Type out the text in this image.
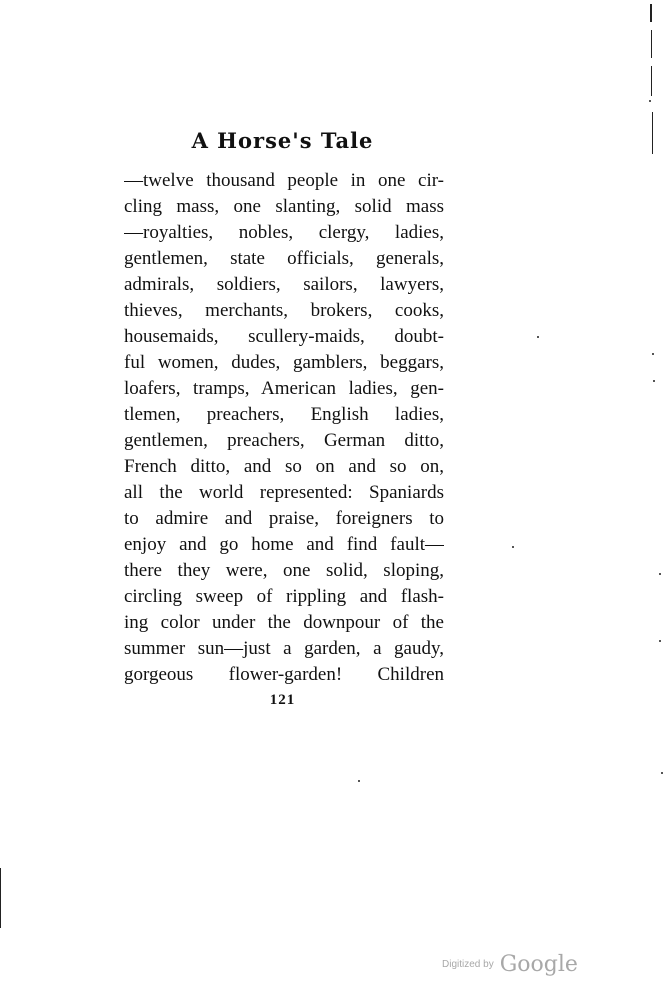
A Horse's Tale
—twelve thousand people in one cir-
cling mass, one slanting, solid mass
—royalties, nobles, clergy, ladies,
gentlemen, state officials, generals,
admirals, soldiers, sailors, lawyers,
thieves, merchants, brokers, cooks,
housemaids, scullery-maids, doubt-
ful women, dudes, gamblers, beggars,
loafers, tramps, American ladies, gen-
tlemen, preachers, English ladies,
gentlemen, preachers, German ditto,
French ditto, and so on and so on,
all the world represented: Spaniards
to admire and praise, foreigners to
enjoy and go home and find fault—
there they were, one solid, sloping,
circling sweep of rippling and flash-
ing color under the downpour of the
summer sun—just a garden, a gaudy,
gorgeous flower-garden! Children
121
Digitized by Google
